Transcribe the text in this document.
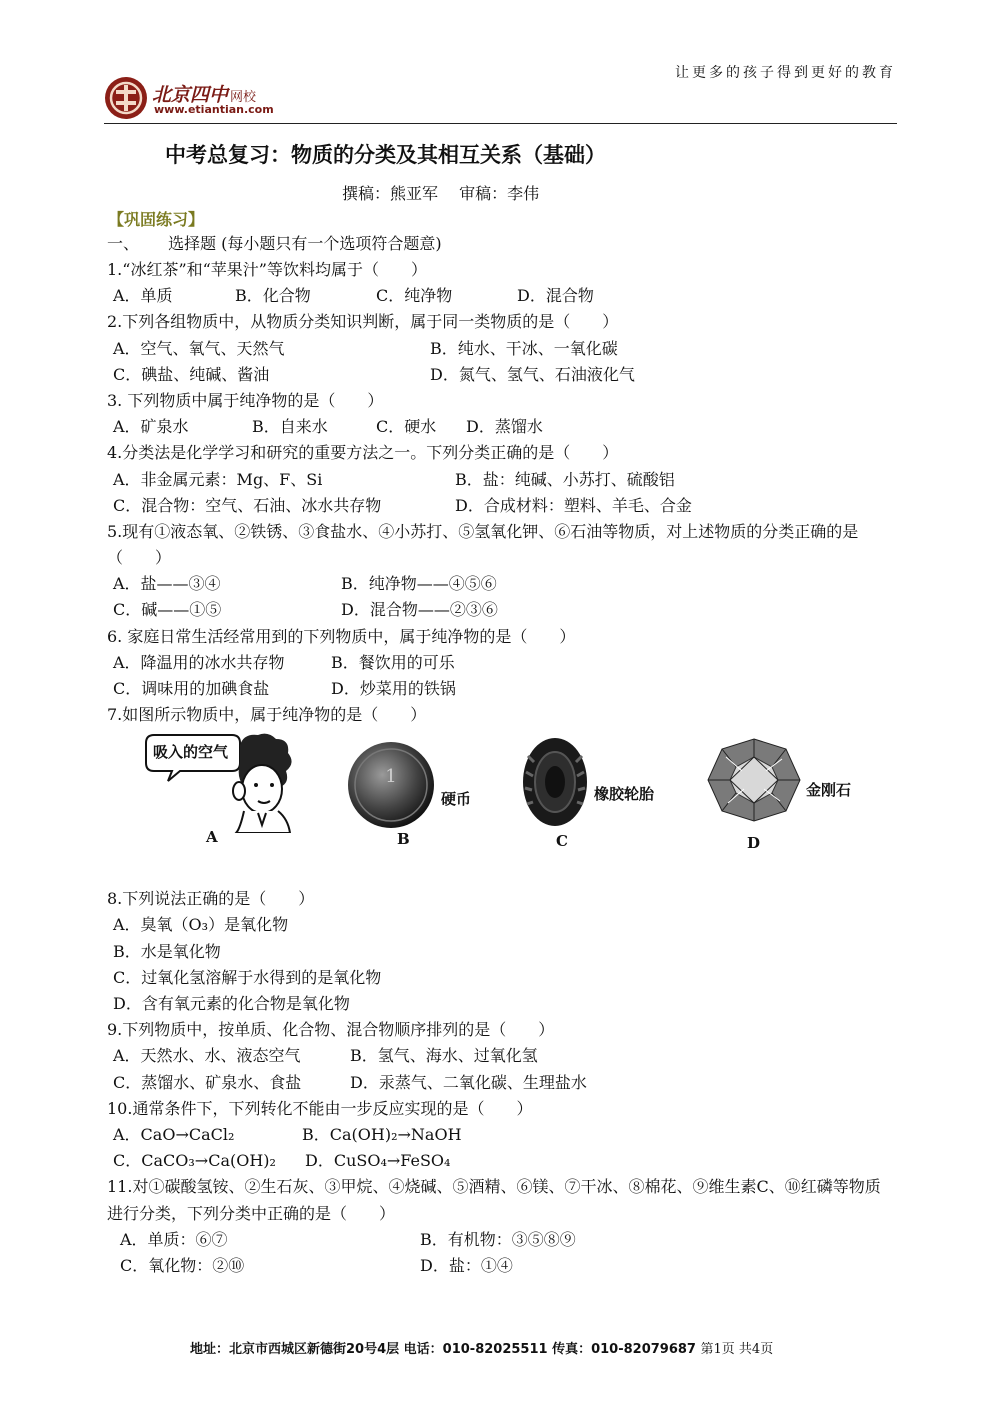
北京四中 网校
www.etiantian.com
让更多的孩子得到更好的教育
中考总复习：物质的分类及其相互关系（基础）
撰稿：熊亚军　 审稿：李伟
【巩固练习】
一、　　 选择题 (每小题只有一个选项符合题意)
1.“冰红茶”和“苹果汁”等饮料均属于（　　）
A．单质	B．化合物	C．纯净物	D．混合物
2.下列各组物质中，从物质分类知识判断，属于同一类物质的是（　　）
A．空气、氧气、天然气	B．纯水、干冰、一氧化碳
C．碘盐、纯碱、酱油	D．氮气、氢气、石油液化气
3. 下列物质中属于纯净物的是（　　）
A．矿泉水	B．自来水	C．硬水 D．蒸馏水
4.分类法是化学学习和研究的重要方法之一。下列分类正确的是（　　）
A．非金属元素：Mg、F、Si	B．盐：纯碱、小苏打、硫酸铝
C．混合物：空气、石油、冰水共存物	D．合成材料：塑料、羊毛、合金
5.现有①液态氧、②铁锈、③食盐水、④小苏打、⑤氢氧化钾、⑥石油等物质，对上述物质的分类正确的是
（　　）
A．盐——③④	B．纯净物——④⑤⑥
C．碱——①⑤	D．混合物——②③⑥
6. 家庭日常生活经常用到的下列物质中，属于纯净物的是（　　）
A．降温用的冰水共存物	B．餐饮用的可乐
C．调味用的加碘食盐	D．炒菜用的铁锅
7.如图所示物质中，属于纯净物的是（　　）
吸入的空气
1
硬币	橡胶轮胎	金刚石
A	B	C	D
8.下列说法正确的是（　　）
A．臭氧（O₃）是氧化物
B．水是氧化物
C．过氧化氢溶解于水得到的是氧化物
D．含有氧元素的化合物是氧化物
9.下列物质中，按单质、化合物、混合物顺序排列的是（　　）
A．天然水、水、液态空气	B．氢气、海水、过氧化氢
C．蒸馏水、矿泉水、食盐	D．汞蒸气、二氧化碳、生理盐水
10.通常条件下，下列转化不能由一步反应实现的是（　　）
A．CaO→CaCl₂	B．Ca(OH)₂→NaOH
C．CaCO₃→Ca(OH)₂ D．CuSO₄→FeSO₄
11.对①碳酸氢铵、②生石灰、③甲烷、④烧碱、⑤酒精、⑥镁、⑦干冰、⑧棉花、⑨维生素C、⑩红磷等物质
进行分类，下列分类中正确的是（　　）
A．单质：⑥⑦	B．有机物：③⑤⑧⑨
C．氧化物：②⑩	D．盐：①④
地址：北京市西城区新德街20号4层 电话：010-82025511 传真：010-82079687 第1页 共4页
